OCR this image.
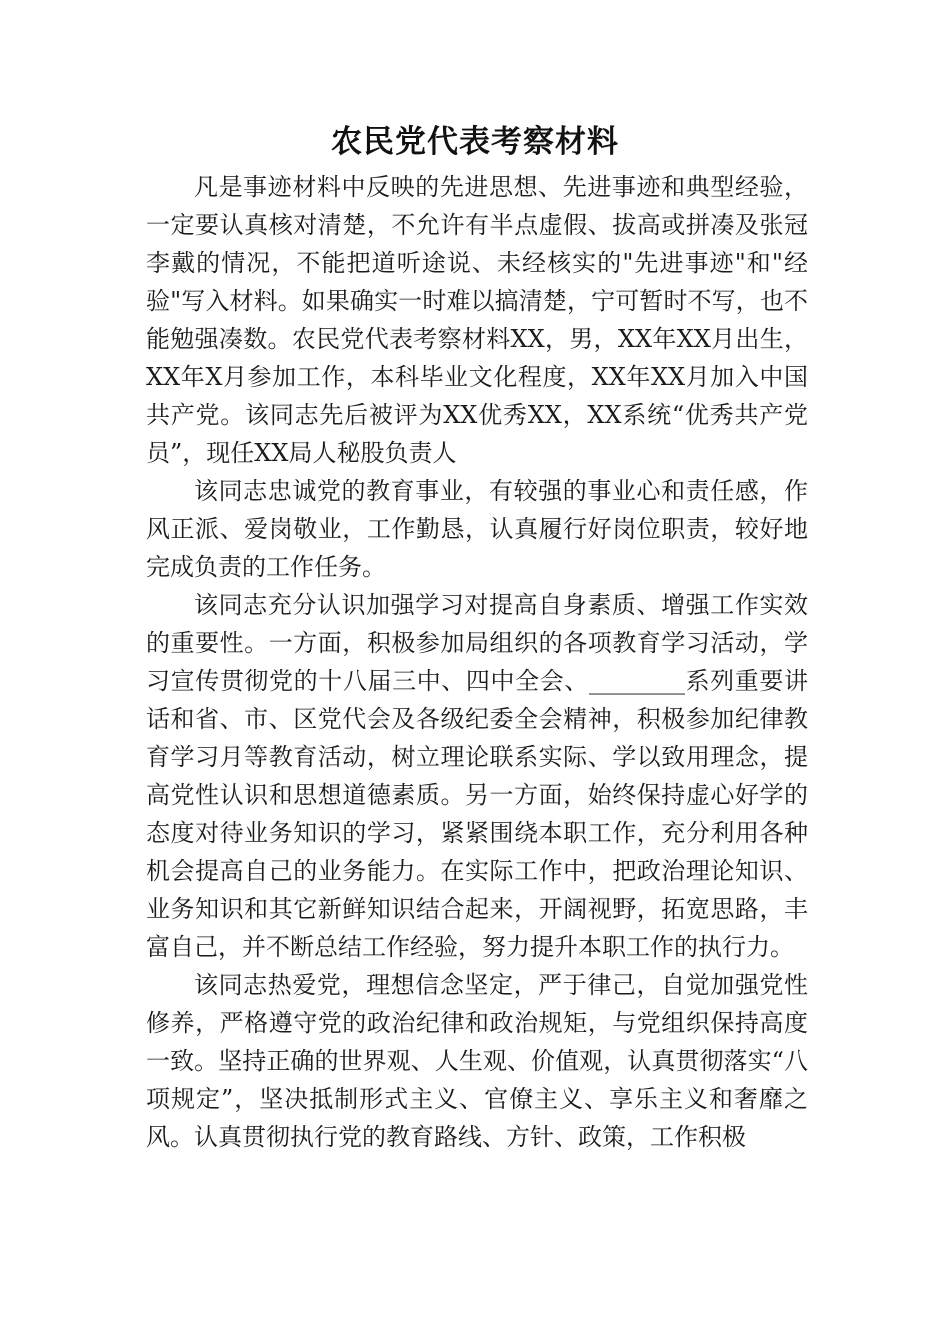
农民党代表考察材料

凡是事迹材料中反映的先进思想、先进事迹和典型经验，一定要认真核对清楚，不允许有半点虚假、拔高或拼凑及张冠李戴的情况，不能把道听途说、未经核实的"先进事迹"和"经验"写入材料。如果确实一时难以搞清楚，宁可暂时不写，也不能勉强凑数。农民党代表考察材料XX，男，XX年XX月出生，XX年X月参加工作，本科毕业文化程度，XX年XX月加入中国共产党。该同志先后被评为XX优秀XX，XX系统“优秀共产党员”，现任XX局人秘股负责人

该同志忠诚党的教育事业，有较强的事业心和责任感，作风正派、爱岗敬业，工作勤恳，认真履行好岗位职责，较好地完成负责的工作任务。

该同志充分认识加强学习对提高自身素质、增强工作实效的重要性。一方面，积极参加局组织的各项教育学习活动，学习宣传贯彻党的十八届三中、四中全会、________系列重要讲话和省、市、区党代会及各级纪委全会精神，积极参加纪律教育学习月等教育活动，树立理论联系实际、学以致用理念，提高党性认识和思想道德素质。另一方面，始终保持虚心好学的态度对待业务知识的学习，紧紧围绕本职工作，充分利用各种机会提高自己的业务能力。在实际工作中，把政治理论知识、业务知识和其它新鲜知识结合起来，开阔视野，拓宽思路，丰富自己，并不断总结工作经验，努力提升本职工作的执行力。

该同志热爱党，理想信念坚定，严于律己，自觉加强党性修养，严格遵守党的政治纪律和政治规矩，与党组织保持高度一致。坚持正确的世界观、人生观、价值观，认真贯彻落实“八项规定”，坚决抵制形式主义、官僚主义、享乐主义和奢靡之风。认真贯彻执行党的教育路线、方针、政策，工作积极
